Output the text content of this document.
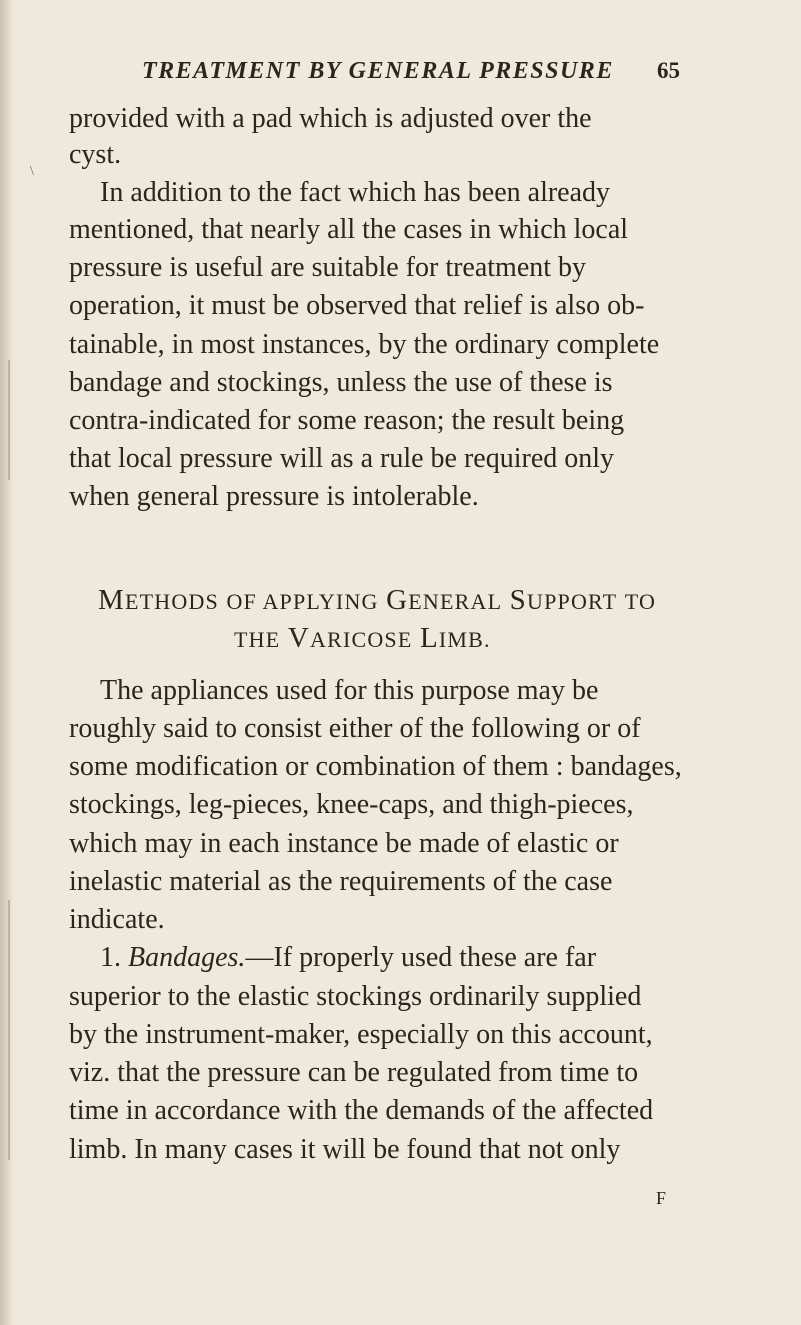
TREATMENT BY GENERAL PRESSURE	65
\
provided with a pad which is adjusted over the
cyst.
In addition to the fact which has been already
mentioned, that nearly all the cases in which local
pressure is useful are suitable for treatment by
operation, it must be observed that relief is also ob-
tainable, in most instances, by the ordinary complete
bandage and stockings, unless the use of these is
contra-indicated for some reason; the result being
that local pressure will as a rule be required only
when general pressure is intolerable.
METHODS OF APPLYING GENERAL SUPPORT TO
THE VARICOSE LIMB.
The appliances used for this purpose may be
roughly said to consist either of the following or of
some modification or combination of them : bandages,
stockings, leg-pieces, knee-caps, and thigh-pieces,
which may in each instance be made of elastic or
inelastic material as the requirements of the case
indicate.
1. Bandages.—If properly used these are far
superior to the elastic stockings ordinarily supplied
by the instrument-maker, especially on this account,
viz. that the pressure can be regulated from time to
time in accordance with the demands of the affected
limb. In many cases it will be found that not only
F
